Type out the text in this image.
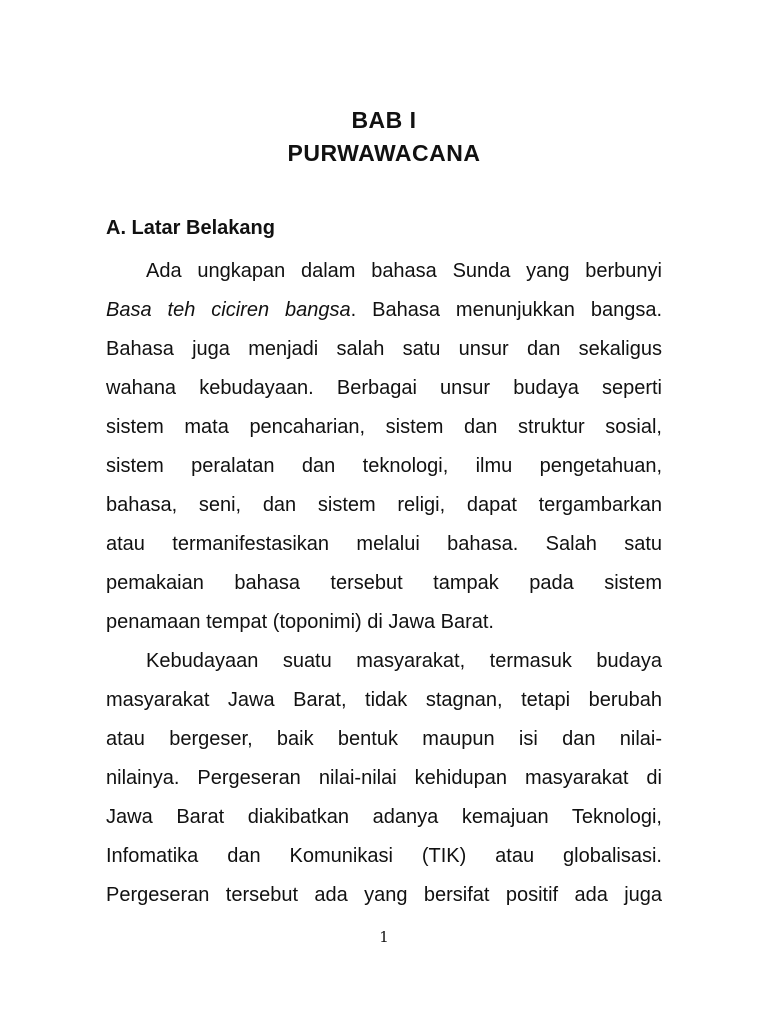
BAB I
PURWAWACANA
A. Latar Belakang
Ada ungkapan dalam bahasa Sunda yang berbunyi
Basa teh ciciren bangsa. Bahasa menunjukkan bangsa.
Bahasa juga menjadi salah satu unsur dan sekaligus
wahana kebudayaan. Berbagai unsur budaya seperti
sistem mata pencaharian, sistem dan struktur sosial,
sistem peralatan dan teknologi, ilmu pengetahuan,
bahasa, seni, dan sistem religi, dapat tergambarkan
atau termanifestasikan melalui bahasa. Salah satu
pemakaian bahasa tersebut tampak pada sistem
penamaan tempat (toponimi) di Jawa Barat.
Kebudayaan suatu masyarakat, termasuk budaya
masyarakat Jawa Barat, tidak stagnan, tetapi berubah
atau bergeser, baik bentuk maupun isi dan nilai-
nilainya. Pergeseran nilai-nilai kehidupan masyarakat di
Jawa Barat diakibatkan adanya kemajuan Teknologi,
Infomatika dan Komunikasi (TIK) atau globalisasi.
Pergeseran tersebut ada yang bersifat positif ada juga
1
